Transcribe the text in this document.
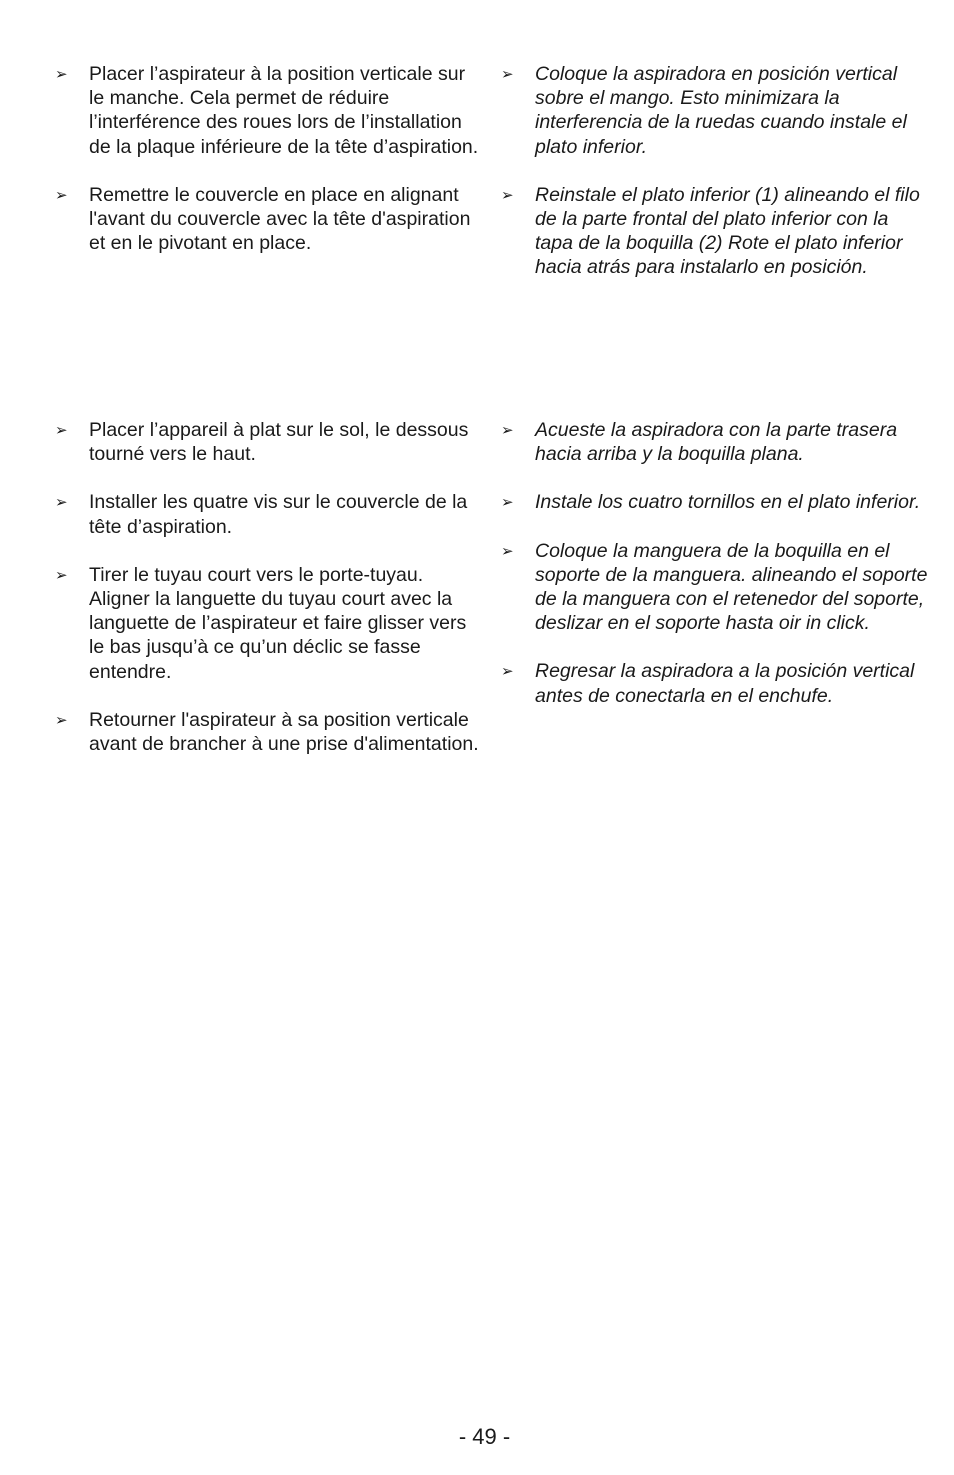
➢ Placer l’aspirateur à la position verticale sur le manche. Cela permet de réduire l’interférence des roues lors de l’installation de la plaque inférieure de la tête d’aspiration.
➢ Remettre le couvercle en place en alignant l'avant du couvercle avec la tête d'aspiration et en le pivotant en place.
➢ Coloque la aspiradora en posición vertical sobre el mango. Esto minimizara la interferencia de la ruedas cuando instale el plato inferior.
➢ Reinstale el plato inferior (1) alineando el filo de la parte frontal del plato inferior con la tapa de la boquilla (2) Rote el plato inferior hacia atrás para instalarlo en posición.
➢ Placer l’appareil à plat sur le sol, le dessous tourné vers le haut.
➢ Installer les quatre vis sur le couvercle de la tête d’aspiration.
➢ Tirer le tuyau court vers le porte-tuyau. Aligner la languette du tuyau court avec la languette de l’aspirateur et faire glisser vers le bas jusqu’à ce qu’un déclic se fasse entendre.
➢ Retourner l'aspirateur à sa position verticale avant de brancher à une prise d'alimentation.
➢ Acueste la aspiradora con la parte trasera hacia arriba y la boquilla plana.
➢ Instale los cuatro tornillos en el plato inferior.
➢ Coloque la manguera de la boquilla en el soporte de la manguera. alineando el soporte de la manguera con el retenedor del soporte, deslizar en el soporte hasta oir in click.
➢ Regresar la aspiradora a la posición vertical antes de conectarla en el enchufe.
- 49 -
